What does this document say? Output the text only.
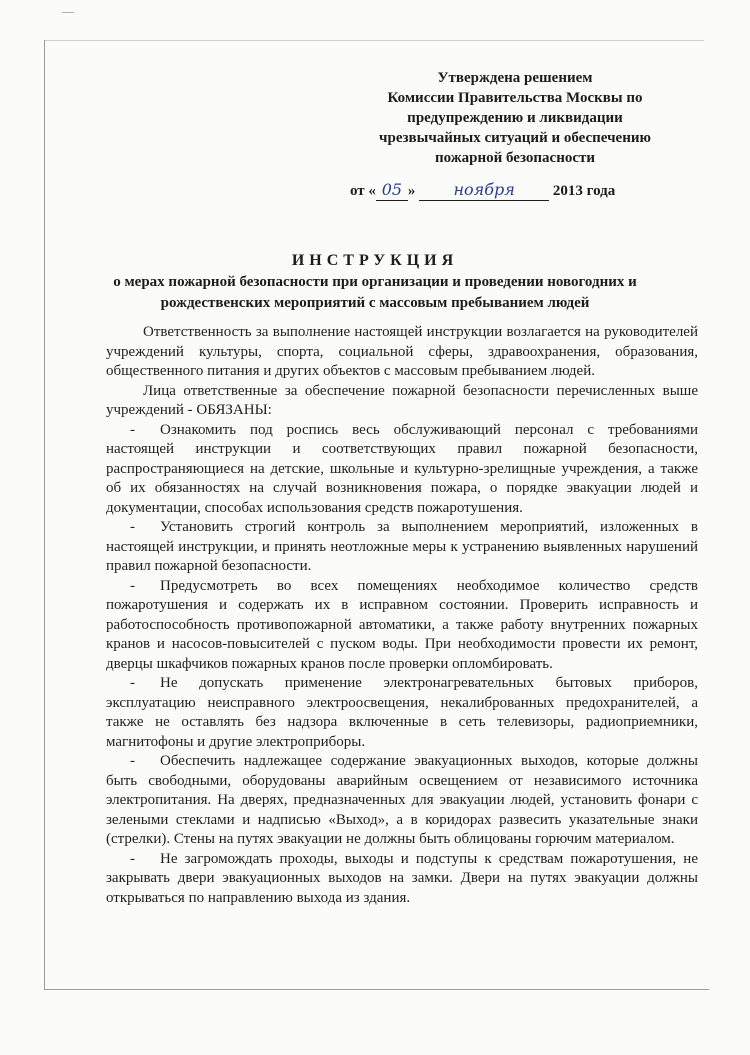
Утверждена решением
Комиссии Правительства Москвы по
предупреждению и ликвидации
чрезвычайных ситуаций и обеспечению
пожарной безопасности
от « 05 » ноября	2013 года
ИНСТРУКЦИЯ
о мерах пожарной безопасности при организации и проведении новогодних и
рождественских мероприятий с массовым пребыванием людей

Ответственность за выполнение настоящей инструкции возлагается на руководителей учреждений культуры, спорта, социальной сферы, здравоохранения, образования, общественного питания и других объектов с массовым пребыванием людей.

Лица ответственные за обеспечение пожарной безопасности перечисленных выше учреждений - ОБЯЗАНЫ:

- Ознакомить под роспись весь обслуживающий персонал с требованиями настоящей инструкции и соответствующих правил пожарной безопасности, распространяющиеся на детские, школьные и культурно-зрелищные учреждения, а также об их обязанностях на случай возникновения пожара, о порядке эвакуации людей и документации, способах использования средств пожаротушения.
- Установить строгий контроль за выполнением мероприятий, изложенных в настоящей инструкции, и принять неотложные меры к устранению выявленных нарушений правил пожарной безопасности.
- Предусмотреть во всех помещениях необходимое количество средств пожаротушения и содержать их в исправном состоянии. Проверить исправность и работоспособность противопожарной автоматики, а также работу внутренних пожарных кранов и насосов-повысителей с пуском воды. При необходимости провести их ремонт, дверцы шкафчиков пожарных кранов после проверки опломбировать.
- Не допускать применение электронагревательных бытовых приборов, эксплуатацию неисправного электроосвещения, некалиброванных предохранителей, а также не оставлять без надзора включенные в сеть телевизоры, радиоприемники, магнитофоны и другие электроприборы.
- Обеспечить надлежащее содержание эвакуационных выходов, которые должны быть свободными, оборудованы аварийным освещением от независимого источника электропитания. На дверях, предназначенных для эвакуации людей, установить фонари с зелеными стеклами и надписью «Выход», а в коридорах развесить указательные знаки (стрелки). Стены на путях эвакуации не должны быть облицованы горючим материалом.
- Не загромождать проходы, выходы и подступы к средствам пожаротушения, не закрывать двери эвакуационных выходов на замки. Двери на путях эвакуации должны открываться по направлению выхода из здания.
